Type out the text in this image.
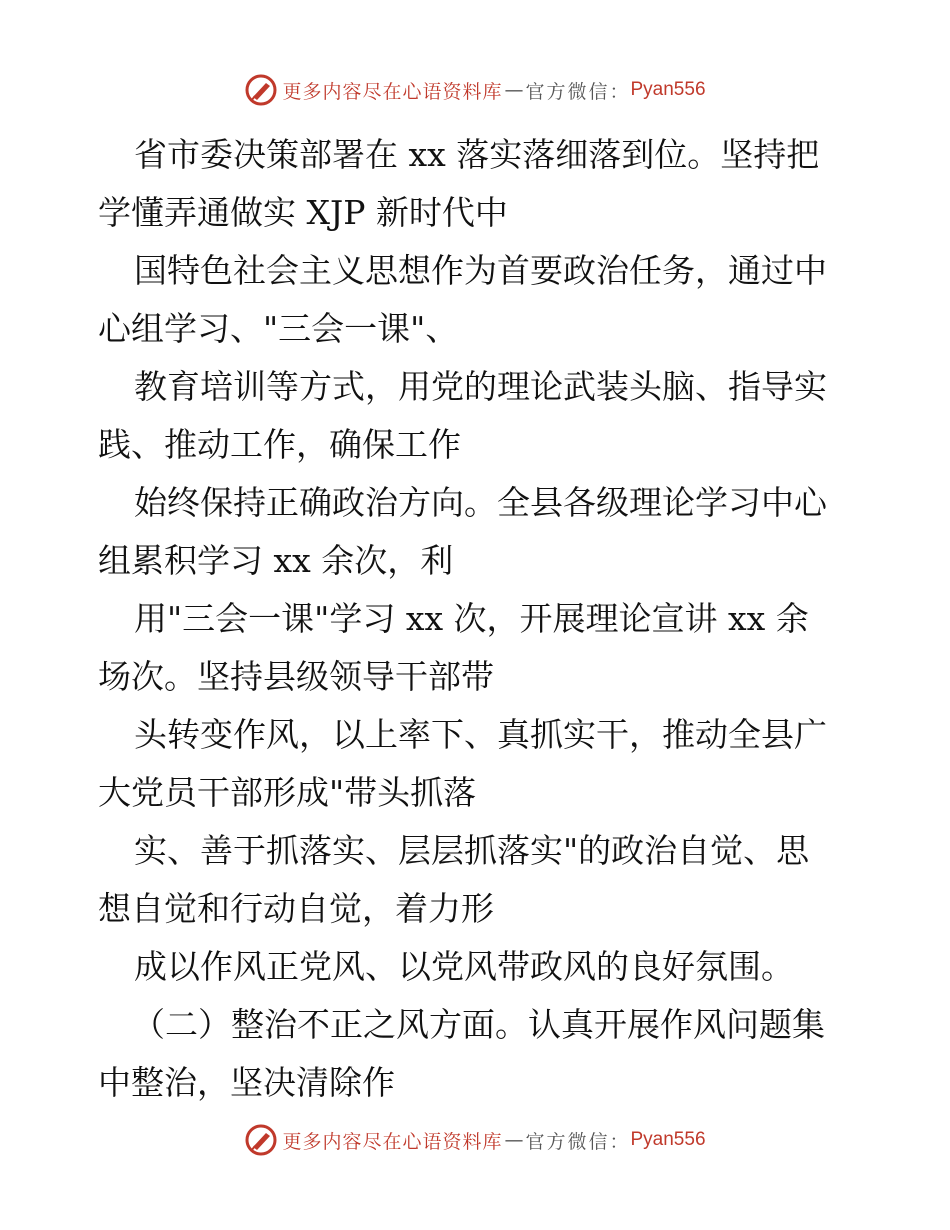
更多内容尽在心语资料库 — 官方微信： Pyan556
省市委决策部署在 xx 落实落细落到位。坚持把
学懂弄通做实 XJP 新时代中
国特色社会主义思想作为首要政治任务，通过中
心组学习、"三会一课"、
教育培训等方式，用党的理论武装头脑、指导实
践、推动工作，确保工作
始终保持正确政治方向。全县各级理论学习中心
组累积学习 xx 余次，利
用"三会一课"学习 xx 次，开展理论宣讲 xx 余
场次。坚持县级领导干部带
头转变作风，以上率下、真抓实干，推动全县广
大党员干部形成"带头抓落
实、善于抓落实、层层抓落实"的政治自觉、思
想自觉和行动自觉，着力形
成以作风正党风、以党风带政风的良好氛围。
（二）整治不正之风方面。认真开展作风问题集
中整治，坚决清除作
更多内容尽在心语资料库 — 官方微信： Pyan556
